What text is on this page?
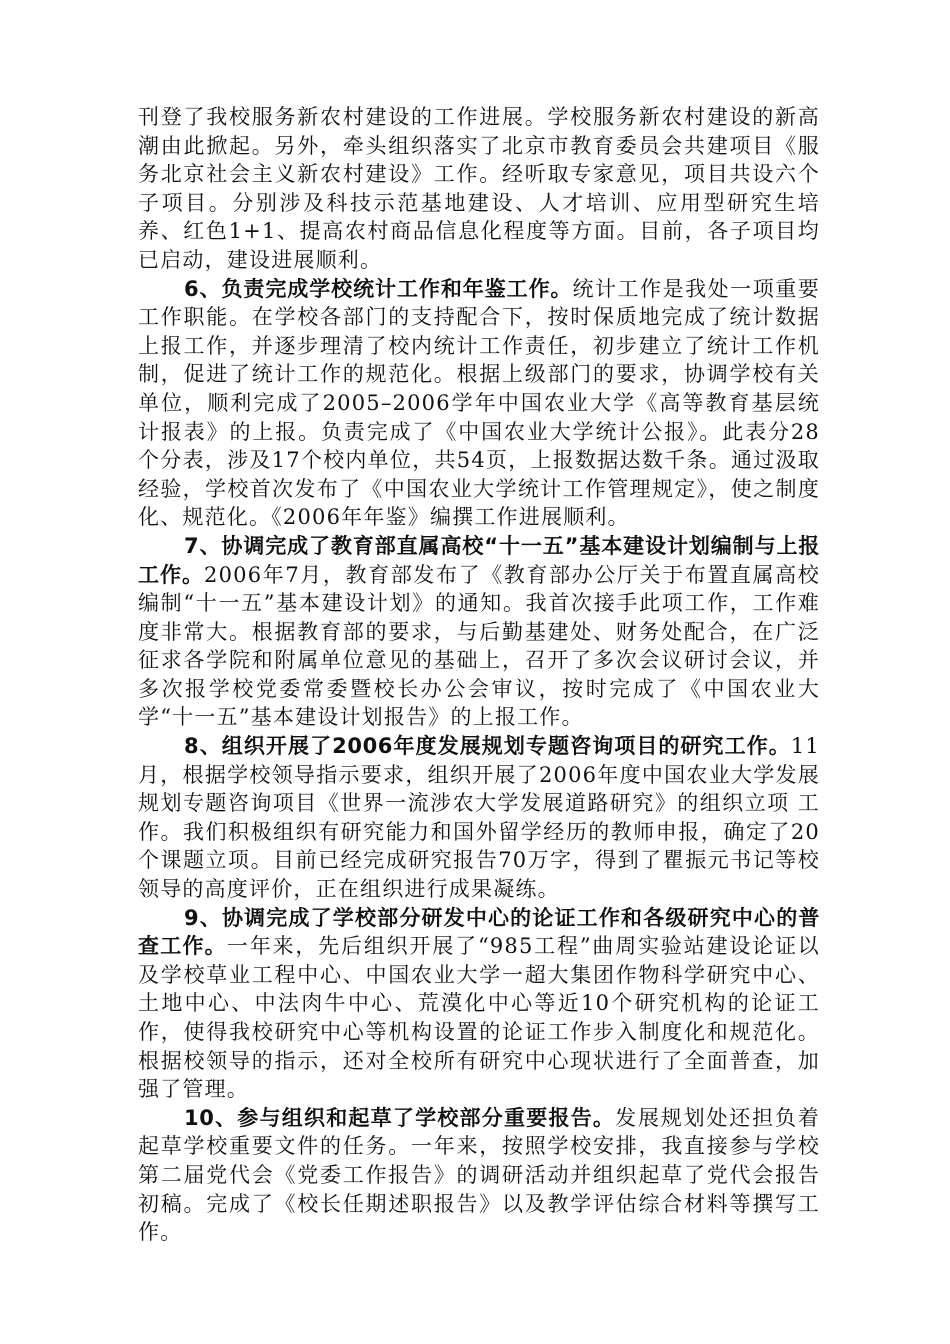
刊登了我校服务新农村建设的工作进展。学校服务新农村建设的新高潮由此掀起。另外，牵头组织落实了北京市教育委员会共建项目《服务北京社会主义新农村建设》工作。经听取专家意见，项目共设六个子项目。分别涉及科技示范基地建设、人才培训、应用型研究生培养、红色1+1、提高农村商品信息化程度等方面。目前，各子项目均已启动，建设进展顺利。

6、负责完成学校统计工作和年鉴工作。统计工作是我处一项重要工作职能。在学校各部门的支持配合下，按时保质地完成了统计数据上报工作，并逐步理清了校内统计工作责任，初步建立了统计工作机制，促进了统计工作的规范化。根据上级部门的要求，协调学校有关单位，顺利完成了2005–2006学年中国农业大学《高等教育基层统计报表》的上报。负责完成了《中国农业大学统计公报》。此表分28个分表，涉及17个校内单位，共54页，上报数据达数千条。通过汲取经验，学校首次发布了《中国农业大学统计工作管理规定》，使之制度化、规范化。《2006年年鉴》编撰工作进展顺利。

7、协调完成了教育部直属高校“十一五”基本建设计划编制与上报工作。2006年7月，教育部发布了《教育部办公厅关于布置直属高校编制“十一五”基本建设计划》的通知。我首次接手此项工作，工作难度非常大。根据教育部的要求，与后勤基建处、财务处配合，在广泛征求各学院和附属单位意见的基础上，召开了多次会议研讨会议，并多次报学校党委常委暨校长办公会审议，按时完成了《中国农业大学“十一五”基本建设计划报告》的上报工作。

8、组织开展了2006年度发展规划专题咨询项目的研究工作。11月，根据学校领导指示要求，组织开展了2006年度中国农业大学发展规划专题咨询项目《世界一流涉农大学发展道路研究》的组织立项 工作。我们积极组织有研究能力和国外留学经历的教师申报，确定了20个课题立项。目前已经完成研究报告70万字，得到了瞿振元书记等校领导的高度评价，正在组织进行成果凝练。

9、协调完成了学校部分研发中心的论证工作和各级研究中心的普查工作。一年来，先后组织开展了“985工程”曲周实验站建设论证以及学校草业工程中心、中国农业大学一超大集团作物科学研究中心、土地中心、中法肉牛中心、荒漠化中心等近10个研究机构的论证工作，使得我校研究中心等机构设置的论证工作步入制度化和规范化。根据校领导的指示，还对全校所有研究中心现状进行了全面普查，加强了管理。

10、参与组织和起草了学校部分重要报告。发展规划处还担负着起草学校重要文件的任务。一年来，按照学校安排，我直接参与学校第二届党代会《党委工作报告》的调研活动并组织起草了党代会报告初稿。完成了《校长任期述职报告》以及教学评估综合材料等撰写工作。
